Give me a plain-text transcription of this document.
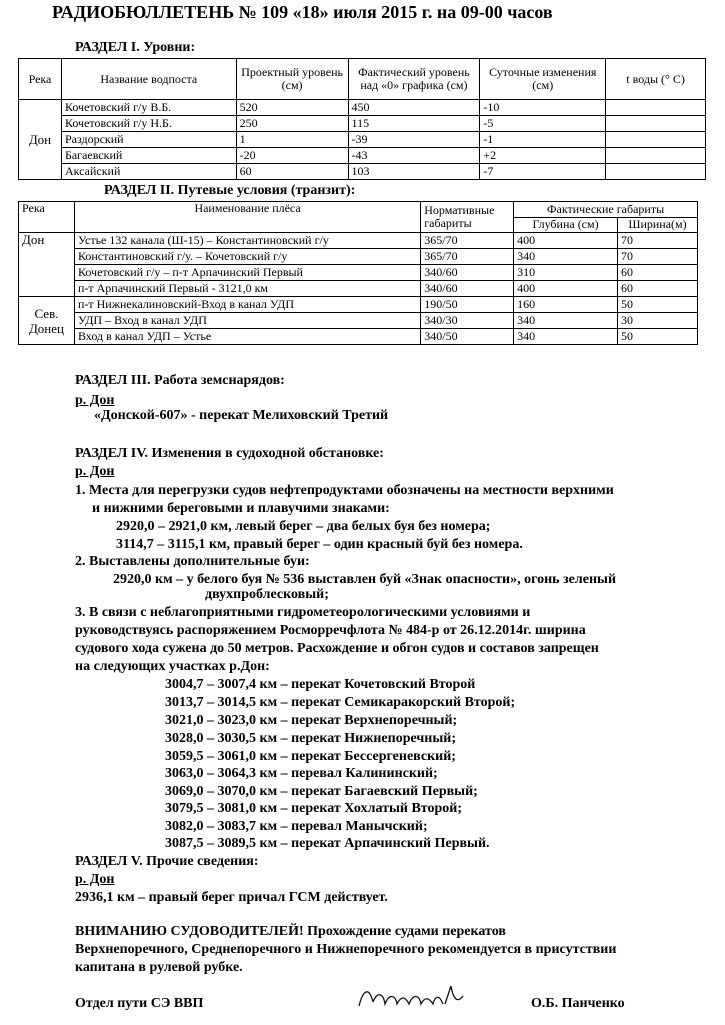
РАДИОБЮЛЛЕТЕНЬ № 109 «18» июля 2015 г. на 09-00 часов
РАЗДЕЛ I. Уровни:
Река	Название водпоста	Проектный уровень (см)	Фактический уровень над «0» графика (см)	Суточные изменения (см)	t воды (° C)
Дон	Кочетовский г/у В.Б.	520	450	-10	
	Кочетовский г/у Н.Б.	250	115	-5	
	Раздорский	1	-39	-1	
	Багаевский	-20	-43	+2	
	Аксайский	60	103	-7	
РАЗДЕЛ II. Путевые условия (транзит):
Река	Наименование плёса	Нормативные габариты	Фактические габариты	
			Глубина (см)	Ширина(м)
Дон	Устье 132 канала (Ш-15) – Константиновский г/у	365/70	400	70
	Константиновский г/у. – Кочетовский г/у	365/70	340	70
	Кочетовский г/у – п-т Арпачинский Первый	340/60	310	60
	п-т Арпачинский Первый - 3121,0 км	340/60	400	60
Сев. Донец	п-т Нижнекалиновский-Вход в канал УДП	190/50	160	50
	УДП – Вход в канал УДП	340/30	340	30
	Вход в канал УДП – Устье	340/50	340	50
РАЗДЕЛ III. Работа земснарядов:
р. Дон
«Донской-607» - перекат Мелиховский Третий
РАЗДЕЛ IV. Изменения в судоходной обстановке:
р. Дон
1. Места для перегрузки судов нефтепродуктами обозначены на местности верхними
и нижними береговыми и плавучими знаками:
2920,0 – 2921,0 км, левый берег – два белых буя без номера;
3114,7 – 3115,1 км, правый берег – один красный буй без номера.
2. Выставлены дополнительные буи:
2920,0 км – у белого буя № 536 выставлен буй «Знак опасности», огонь зеленый
двухпроблесковый;
3. В связи с неблагоприятными гидрометеорологическими условиями и
руководствуясь распоряжением Росморречфлота № 484-р от 26.12.2014г. ширина
судового хода сужена до 50 метров. Расхождение и обгон судов и составов запрещен
на следующих участках р.Дон:
3004,7 – 3007,4 км – перекат Кочетовский Второй
3013,7 – 3014,5 км – перекат Семикаракорский Второй;
3021,0 – 3023,0 км – перекат Верхнепоречный;
3028,0 – 3030,5 км – перекат Нижнепоречный;
3059,5 – 3061,0 км – перекат Бессергеневский;
3063,0 – 3064,3 км – перевал Калининский;
3069,0 – 3070,0 км – перекат Багаевский Первый;
3079,5 – 3081,0 км – перекат Хохлатый Второй;
3082,0 – 3083,7 км – перевал Манычский;
3087,5 – 3089,5 км – перекат Арпачинский Первый.
РАЗДЕЛ V. Прочие сведения:
р. Дон
2936,1 км – правый берег причал ГСМ действует.
ВНИМАНИЮ СУДОВОДИТЕЛЕЙ! Прохождение судами перекатов
Верхнепоречного, Среднепоречного и Нижнепоречного рекомендуется в присутствии
капитана в рулевой рубке.
Отдел пути СЭ ВВП	О.Б. Панченко
